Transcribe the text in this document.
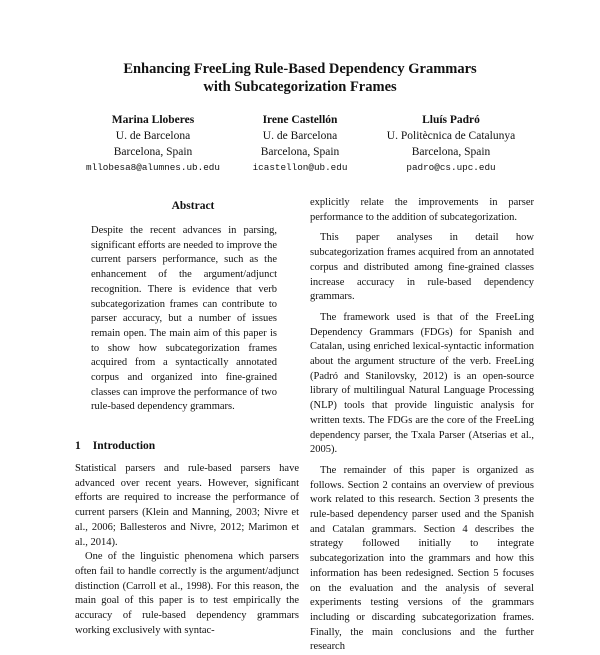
Enhancing FreeLing Rule-Based Dependency Grammars
with Subcategorization Frames
Marina Lloberes
U. de Barcelona
Barcelona, Spain
mllobesa8@alumnes.ub.edu
Irene Castellón
U. de Barcelona
Barcelona, Spain
icastellon@ub.edu
Lluís Padró
U. Politècnica de Catalunya
Barcelona, Spain
padro@cs.upc.edu
Abstract

Despite the recent advances in parsing, significant efforts are needed to improve the current parsers performance, such as the enhancement of the argument/adjunct recognition. There is evidence that verb subcategorization frames can contribute to parser accuracy, but a number of issues remain open. The main aim of this paper is to show how subcategorization frames acquired from a syntactically annotated corpus and organized into fine-grained classes can improve the performance of two rule-based dependency grammars.

1 Introduction

Statistical parsers and rule-based parsers have advanced over recent years. However, significant efforts are required to increase the performance of current parsers (Klein and Manning, 2003; Nivre et al., 2006; Ballesteros and Nivre, 2012; Marimon et al., 2014).

One of the linguistic phenomena which parsers often fail to handle correctly is the argument/adjunct distinction (Carroll et al., 1998). For this reason, the main goal of this paper is to test empirically the accuracy of rule-based dependency grammars working exclusively with syntac-

explicitly relate the improvements in parser performance to the addition of subcategorization.

This paper analyses in detail how subcategorization frames acquired from an annotated corpus and distributed among fine-grained classes increase accuracy in rule-based dependency grammars.

The framework used is that of the FreeLing Dependency Grammars (FDGs) for Spanish and Catalan, using enriched lexical-syntactic information about the argument structure of the verb. FreeLing (Padró and Stanilovsky, 2012) is an open-source library of multilingual Natural Language Processing (NLP) tools that provide linguistic analysis for written texts. The FDGs are the core of the FreeLing dependency parser, the Txala Parser (Atserias et al., 2005).

The remainder of this paper is organized as follows. Section 2 contains an overview of previous work related to this research. Section 3 presents the rule-based dependency parser used and the Spanish and Catalan grammars. Section 4 describes the strategy followed initially to integrate subcategorization into the grammars and how this information has been redesigned. Section 5 focuses on the evaluation and the analysis of several experiments testing versions of the grammars including or discarding subcategorization frames. Finally, the main conclusions and the further research
